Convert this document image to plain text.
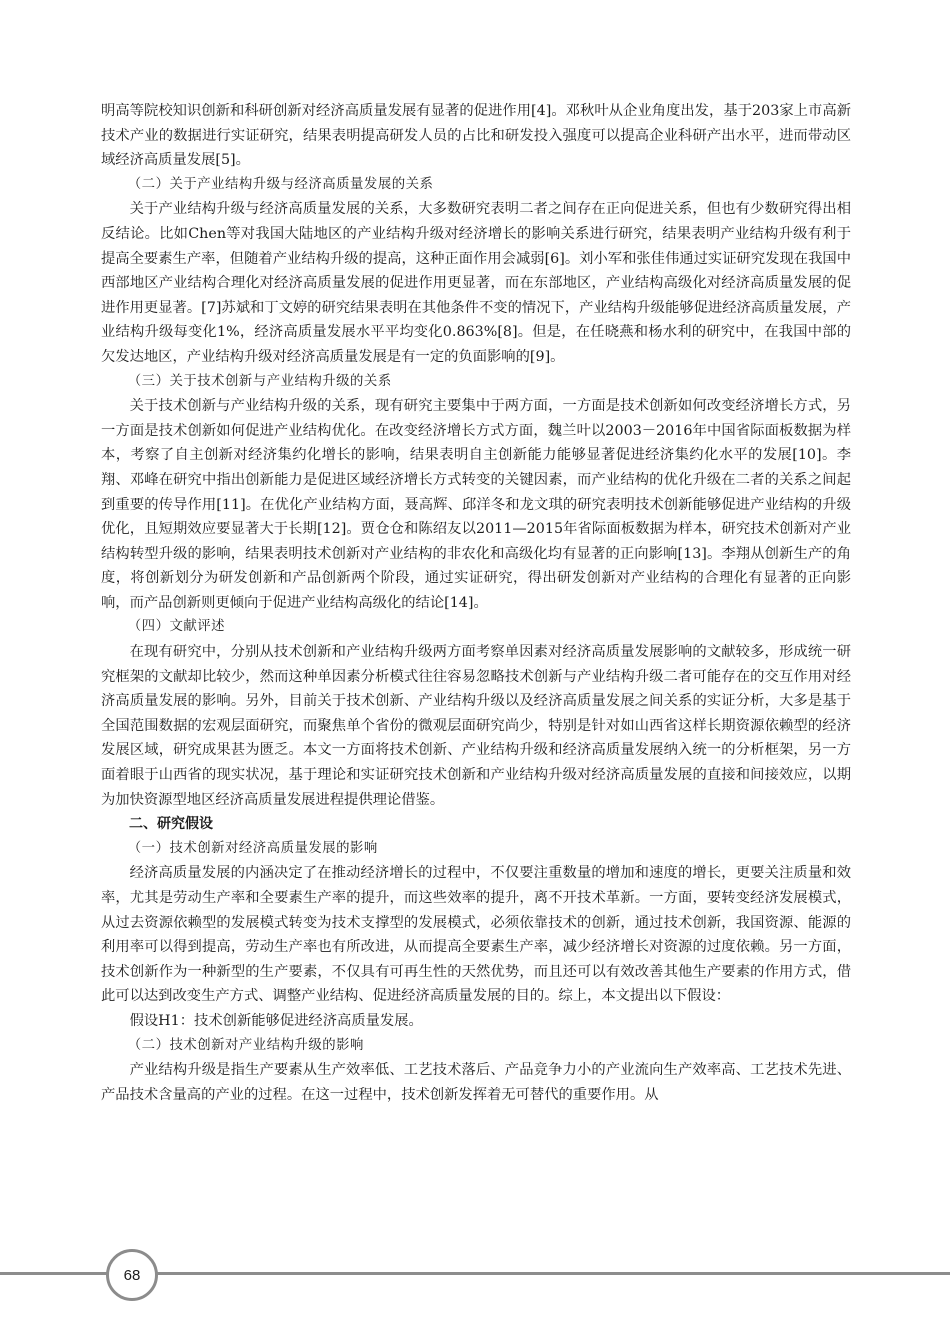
明高等院校知识创新和科研创新对经济高质量发展有显著的促进作用[4]。邓秋叶从企业角度出发，基于203家上市高新技术产业的数据进行实证研究，结果表明提高研发人员的占比和研发投入强度可以提高企业科研产出水平，进而带动区域经济高质量发展[5]。

（二）关于产业结构升级与经济高质量发展的关系

关于产业结构升级与经济高质量发展的关系，大多数研究表明二者之间存在正向促进关系，但也有少数研究得出相反结论。比如Chen等对我国大陆地区的产业结构升级对经济增长的影响关系进行研究，结果表明产业结构升级有利于提高全要素生产率，但随着产业结构升级的提高，这种正面作用会减弱[6]。刘小军和张佳伟通过实证研究发现在我国中西部地区产业结构合理化对经济高质量发展的促进作用更显著，而在东部地区，产业结构高级化对经济高质量发展的促进作用更显著。[7]苏斌和丁文婷的研究结果表明在其他条件不变的情况下，产业结构升级能够促进经济高质量发展，产业结构升级每变化1%，经济高质量发展水平平均变化0.863%[8]。但是，在任晓燕和杨水利的研究中，在我国中部的欠发达地区，产业结构升级对经济高质量发展是有一定的负面影响的[9]。

（三）关于技术创新与产业结构升级的关系

关于技术创新与产业结构升级的关系，现有研究主要集中于两方面，一方面是技术创新如何改变经济增长方式，另一方面是技术创新如何促进产业结构优化。在改变经济增长方式方面，魏兰叶以2003－2016年中国省际面板数据为样本，考察了自主创新对经济集约化增长的影响，结果表明自主创新能力能够显著促进经济集约化水平的发展[10]。李翔、邓峰在研究中指出创新能力是促进区域经济增长方式转变的关键因素，而产业结构的优化升级在二者的关系之间起到重要的传导作用[11]。在优化产业结构方面，聂高辉、邱洋冬和龙文琪的研究表明技术创新能够促进产业结构的升级优化，且短期效应要显著大于长期[12]。贾仓仓和陈绍友以2011—2015年省际面板数据为样本，研究技术创新对产业结构转型升级的影响，结果表明技术创新对产业结构的非农化和高级化均有显著的正向影响[13]。李翔从创新生产的角度，将创新划分为研发创新和产品创新两个阶段，通过实证研究，得出研发创新对产业结构的合理化有显著的正向影响，而产品创新则更倾向于促进产业结构高级化的结论[14]。

（四）文献评述

在现有研究中，分别从技术创新和产业结构升级两方面考察单因素对经济高质量发展影响的文献较多，形成统一研究框架的文献却比较少，然而这种单因素分析模式往往容易忽略技术创新与产业结构升级二者可能存在的交互作用对经济高质量发展的影响。另外，目前关于技术创新、产业结构升级以及经济高质量发展之间关系的实证分析，大多是基于全国范围数据的宏观层面研究，而聚焦单个省份的微观层面研究尚少，特别是针对如山西省这样长期资源依赖型的经济发展区域，研究成果甚为匮乏。本文一方面将技术创新、产业结构升级和经济高质量发展纳入统一的分析框架，另一方面着眼于山西省的现实状况，基于理论和实证研究技术创新和产业结构升级对经济高质量发展的直接和间接效应，以期为加快资源型地区经济高质量发展进程提供理论借鉴。

二、研究假设

（一）技术创新对经济高质量发展的影响

经济高质量发展的内涵决定了在推动经济增长的过程中，不仅要注重数量的增加和速度的增长，更要关注质量和效率，尤其是劳动生产率和全要素生产率的提升，而这些效率的提升，离不开技术革新。一方面，要转变经济发展模式，从过去资源依赖型的发展模式转变为技术支撑型的发展模式，必须依靠技术的创新，通过技术创新，我国资源、能源的利用率可以得到提高，劳动生产率也有所改进，从而提高全要素生产率，减少经济增长对资源的过度依赖。另一方面，技术创新作为一种新型的生产要素，不仅具有可再生性的天然优势，而且还可以有效改善其他生产要素的作用方式，借此可以达到改变生产方式、调整产业结构、促进经济高质量发展的目的。综上，本文提出以下假设：

假设H1：技术创新能够促进经济高质量发展。

（二）技术创新对产业结构升级的影响

产业结构升级是指生产要素从生产效率低、工艺技术落后、产品竞争力小的产业流向生产效率高、工艺技术先进、产品技术含量高的产业的过程。在这一过程中，技术创新发挥着无可替代的重要作用。从

68
